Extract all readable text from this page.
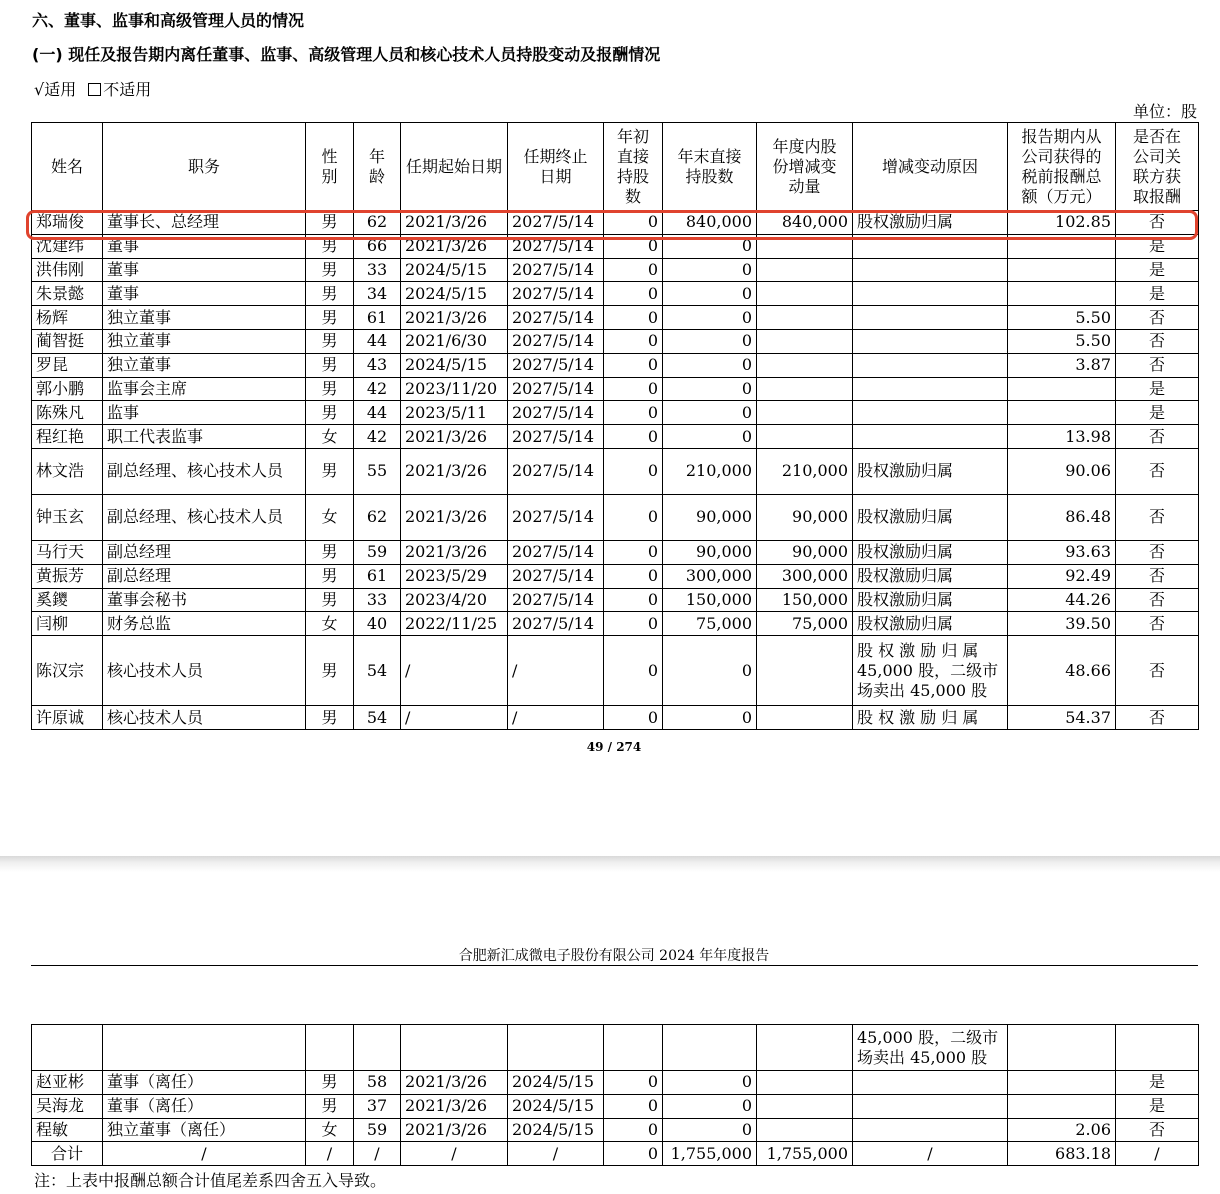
六、董事、监事和高级管理人员的情况
(一) 现任及报告期内离任董事、监事、高级管理人员和核心技术人员持股变动及报酬情况
√适用 不适用
单位：股
姓名	职务	性别	年龄	任期起始日期	任期终止日期	年初直接持股数	年末直接持股数	年度内股份增减变动量	增减变动原因	报告期内从公司获得的税前报酬总额（万元）	是否在公司关联方获取报酬

郑瑞俊	董事长、总经理	男	62	2021/3/26	2027/5/14	0	840,000	840,000	股权激励归属	102.85	否
沈建纬	董事	男	66	2021/3/26	2027/5/14	0	0				是
洪伟刚	董事	男	33	2024/5/15	2027/5/14	0	0				是
朱景懿	董事	男	34	2024/5/15	2027/5/14	0	0				是
杨辉	独立董事	男	61	2021/3/26	2027/5/14	0	0			5.50	否
蔺智挺	独立董事	男	44	2021/6/30	2027/5/14	0	0			5.50	否
罗昆	独立董事	男	43	2024/5/15	2027/5/14	0	0			3.87	否
郭小鹏	监事会主席	男	42	2023/11/20	2027/5/14	0	0				是
陈殊凡	监事	男	44	2023/5/11	2027/5/14	0	0				是
程红艳	职工代表监事	女	42	2021/3/26	2027/5/14	0	0			13.98	否
林文浩	副总经理、核心技术人员	男	55	2021/3/26	2027/5/14	0	210,000	210,000	股权激励归属	90.06	否
钟玉玄	副总经理、核心技术人员	女	62	2021/3/26	2027/5/14	0	90,000	90,000	股权激励归属	86.48	否
马行天	副总经理	男	59	2021/3/26	2027/5/14	0	90,000	90,000	股权激励归属	93.63	否
黄振芳	副总经理	男	61	2023/5/29	2027/5/14	0	300,000	300,000	股权激励归属	92.49	否
奚鑁	董事会秘书	男	33	2023/4/20	2027/5/14	0	150,000	150,000	股权激励归属	44.26	否
闫柳	财务总监	女	40	2022/11/25	2027/5/14	0	75,000	75,000	股权激励归属	39.50	否
陈汉宗	核心技术人员	男	54	/	/	0	0		股 权 激 励 归 属 45,000 股，二级市场卖出 45,000 股	48.66	否
许原诚	核心技术人员	男	54	/	/	0	0		股 权 激 励 归 属	54.37	否
49 / 274
合肥新汇成微电子股份有限公司 2024 年年度报告
									45,000 股，二级市场卖出 45,000 股		
赵亚彬	董事（离任）	男	58	2021/3/26	2024/5/15	0	0				是
吴海龙	董事（离任）	男	37	2021/3/26	2024/5/15	0	0				是
程敏	独立董事（离任）	女	59	2021/3/26	2024/5/15	0	0			2.06	否
合计	/	/	/	/	/	0	1,755,000	1,755,000	/	683.18	/
注：上表中报酬总额合计值尾差系四舍五入导致。
